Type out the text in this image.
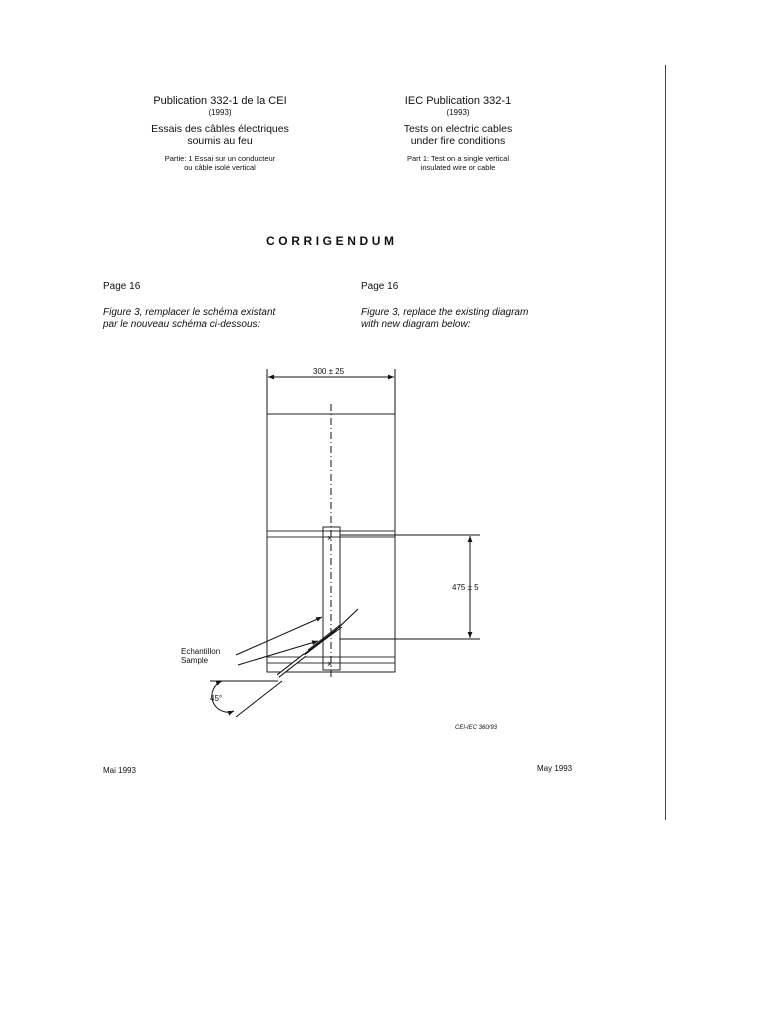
Publication 332-1 de la CEI
(1993)
Essais des câbles électriques
soumis au feu
Partie: 1 Essai sur un conducteur
ou câble isolé vertical
IEC Publication 332-1
(1993)
Tests on electric cables
under fire conditions
Part 1: Test on a single vertical
insulated wire or cable
CORRIGENDUM
Page 16	Page 16
Figure 3, remplacer le schéma existant
par le nouveau schéma ci-dessous:
Figure 3, replace the existing diagram
with new diagram below:
×
×
300 ± 25
475 ± 5
Echantillon
Sample
45°
CEI-IEC 360/93
Mai 1993	May 1993
